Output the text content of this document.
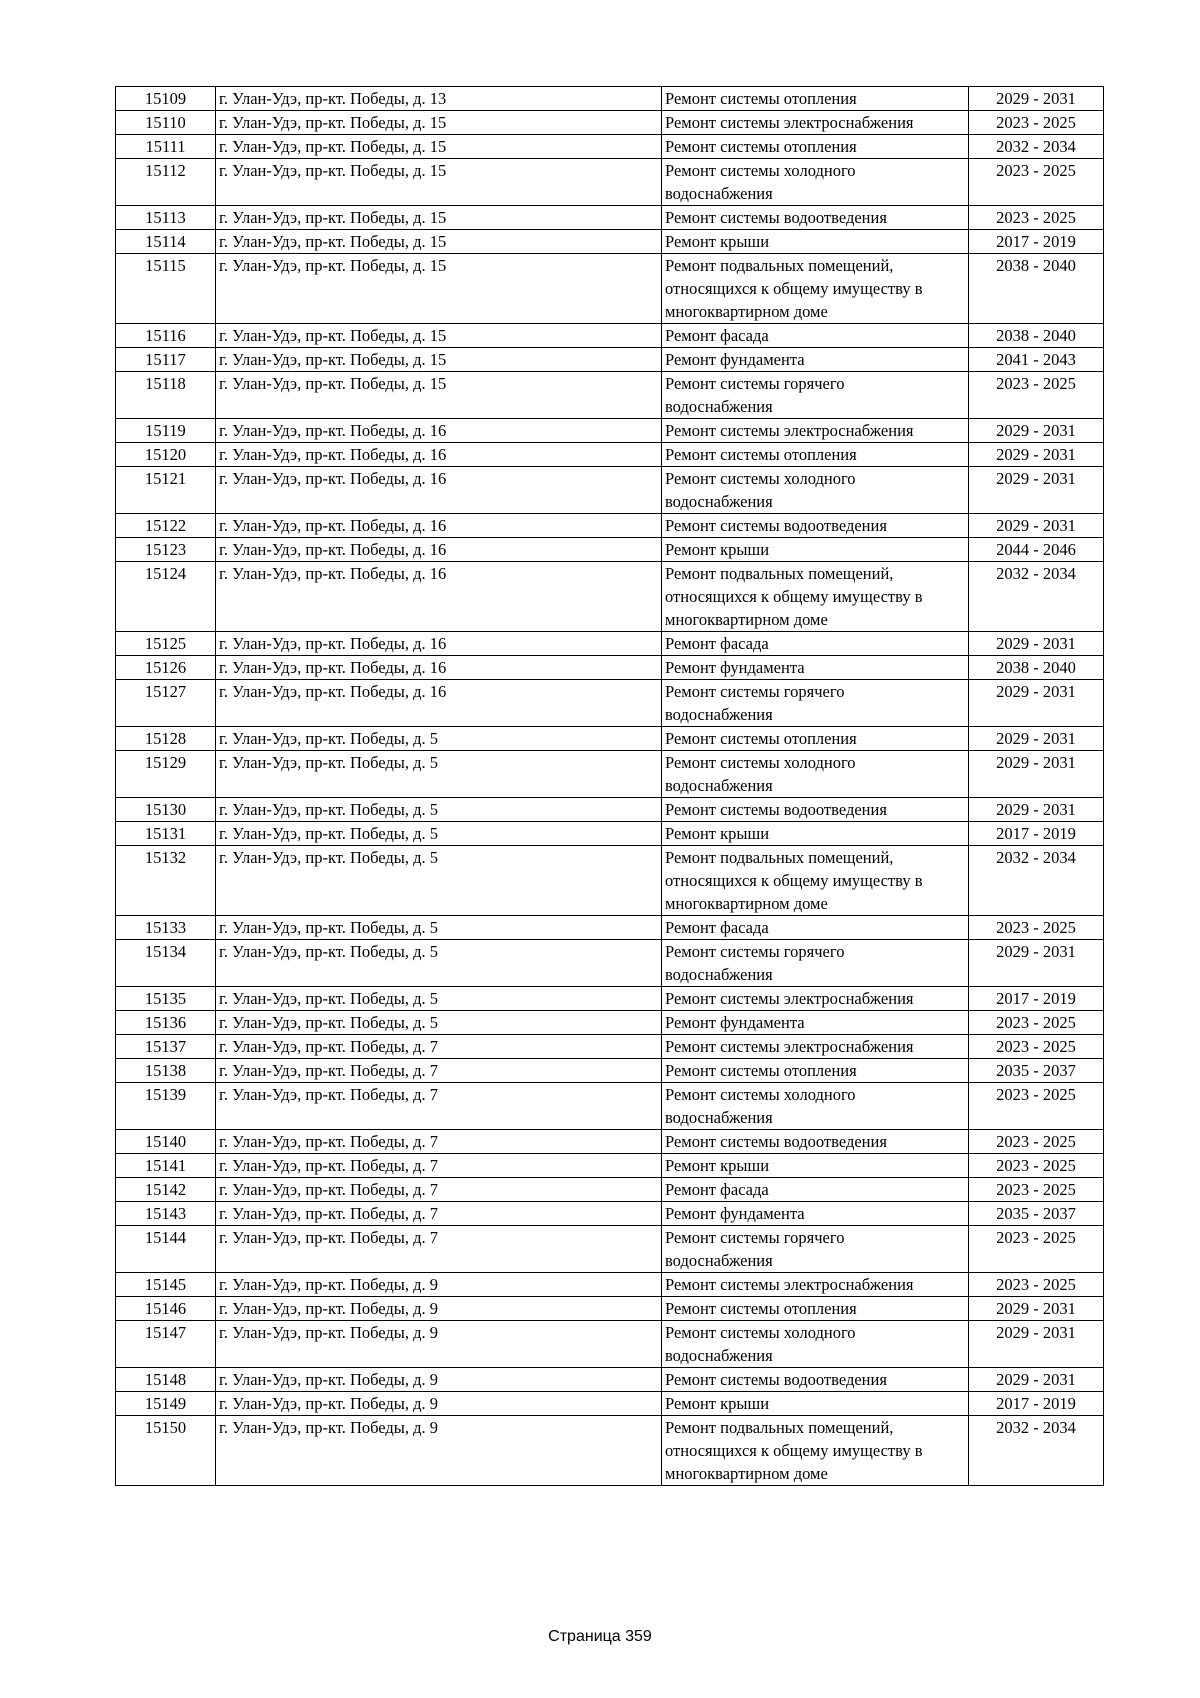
15109	г. Улан-Удэ, пр-кт. Победы, д. 13	Ремонт системы отопления	2029 - 2031
15110	г. Улан-Удэ, пр-кт. Победы, д. 15	Ремонт системы электроснабжения	2023 - 2025
15111	г. Улан-Удэ, пр-кт. Победы, д. 15	Ремонт системы отопления	2032 - 2034
15112	г. Улан-Удэ, пр-кт. Победы, д. 15	Ремонт системы холодного
водоснабжения	2023 - 2025
15113	г. Улан-Удэ, пр-кт. Победы, д. 15	Ремонт системы водоотведения	2023 - 2025
15114	г. Улан-Удэ, пр-кт. Победы, д. 15	Ремонт крыши	2017 - 2019
15115	г. Улан-Удэ, пр-кт. Победы, д. 15	Ремонт подвальных помещений,
относящихся к общему имуществу в
многоквартирном доме	2038 - 2040
15116	г. Улан-Удэ, пр-кт. Победы, д. 15	Ремонт фасада	2038 - 2040
15117	г. Улан-Удэ, пр-кт. Победы, д. 15	Ремонт фундамента	2041 - 2043
15118	г. Улан-Удэ, пр-кт. Победы, д. 15	Ремонт системы горячего
водоснабжения	2023 - 2025
15119	г. Улан-Удэ, пр-кт. Победы, д. 16	Ремонт системы электроснабжения	2029 - 2031
15120	г. Улан-Удэ, пр-кт. Победы, д. 16	Ремонт системы отопления	2029 - 2031
15121	г. Улан-Удэ, пр-кт. Победы, д. 16	Ремонт системы холодного
водоснабжения	2029 - 2031
15122	г. Улан-Удэ, пр-кт. Победы, д. 16	Ремонт системы водоотведения	2029 - 2031
15123	г. Улан-Удэ, пр-кт. Победы, д. 16	Ремонт крыши	2044 - 2046
15124	г. Улан-Удэ, пр-кт. Победы, д. 16	Ремонт подвальных помещений,
относящихся к общему имуществу в
многоквартирном доме	2032 - 2034
15125	г. Улан-Удэ, пр-кт. Победы, д. 16	Ремонт фасада	2029 - 2031
15126	г. Улан-Удэ, пр-кт. Победы, д. 16	Ремонт фундамента	2038 - 2040
15127	г. Улан-Удэ, пр-кт. Победы, д. 16	Ремонт системы горячего
водоснабжения	2029 - 2031
15128	г. Улан-Удэ, пр-кт. Победы, д. 5	Ремонт системы отопления	2029 - 2031
15129	г. Улан-Удэ, пр-кт. Победы, д. 5	Ремонт системы холодного
водоснабжения	2029 - 2031
15130	г. Улан-Удэ, пр-кт. Победы, д. 5	Ремонт системы водоотведения	2029 - 2031
15131	г. Улан-Удэ, пр-кт. Победы, д. 5	Ремонт крыши	2017 - 2019
15132	г. Улан-Удэ, пр-кт. Победы, д. 5	Ремонт подвальных помещений,
относящихся к общему имуществу в
многоквартирном доме	2032 - 2034
15133	г. Улан-Удэ, пр-кт. Победы, д. 5	Ремонт фасада	2023 - 2025
15134	г. Улан-Удэ, пр-кт. Победы, д. 5	Ремонт системы горячего
водоснабжения	2029 - 2031
15135	г. Улан-Удэ, пр-кт. Победы, д. 5	Ремонт системы электроснабжения	2017 - 2019
15136	г. Улан-Удэ, пр-кт. Победы, д. 5	Ремонт фундамента	2023 - 2025
15137	г. Улан-Удэ, пр-кт. Победы, д. 7	Ремонт системы электроснабжения	2023 - 2025
15138	г. Улан-Удэ, пр-кт. Победы, д. 7	Ремонт системы отопления	2035 - 2037
15139	г. Улан-Удэ, пр-кт. Победы, д. 7	Ремонт системы холодного
водоснабжения	2023 - 2025
15140	г. Улан-Удэ, пр-кт. Победы, д. 7	Ремонт системы водоотведения	2023 - 2025
15141	г. Улан-Удэ, пр-кт. Победы, д. 7	Ремонт крыши	2023 - 2025
15142	г. Улан-Удэ, пр-кт. Победы, д. 7	Ремонт фасада	2023 - 2025
15143	г. Улан-Удэ, пр-кт. Победы, д. 7	Ремонт фундамента	2035 - 2037
15144	г. Улан-Удэ, пр-кт. Победы, д. 7	Ремонт системы горячего
водоснабжения	2023 - 2025
15145	г. Улан-Удэ, пр-кт. Победы, д. 9	Ремонт системы электроснабжения	2023 - 2025
15146	г. Улан-Удэ, пр-кт. Победы, д. 9	Ремонт системы отопления	2029 - 2031
15147	г. Улан-Удэ, пр-кт. Победы, д. 9	Ремонт системы холодного
водоснабжения	2029 - 2031
15148	г. Улан-Удэ, пр-кт. Победы, д. 9	Ремонт системы водоотведения	2029 - 2031
15149	г. Улан-Удэ, пр-кт. Победы, д. 9	Ремонт крыши	2017 - 2019
15150	г. Улан-Удэ, пр-кт. Победы, д. 9	Ремонт подвальных помещений,
относящихся к общему имуществу в
многоквартирном доме	2032 - 2034
Страница 359
